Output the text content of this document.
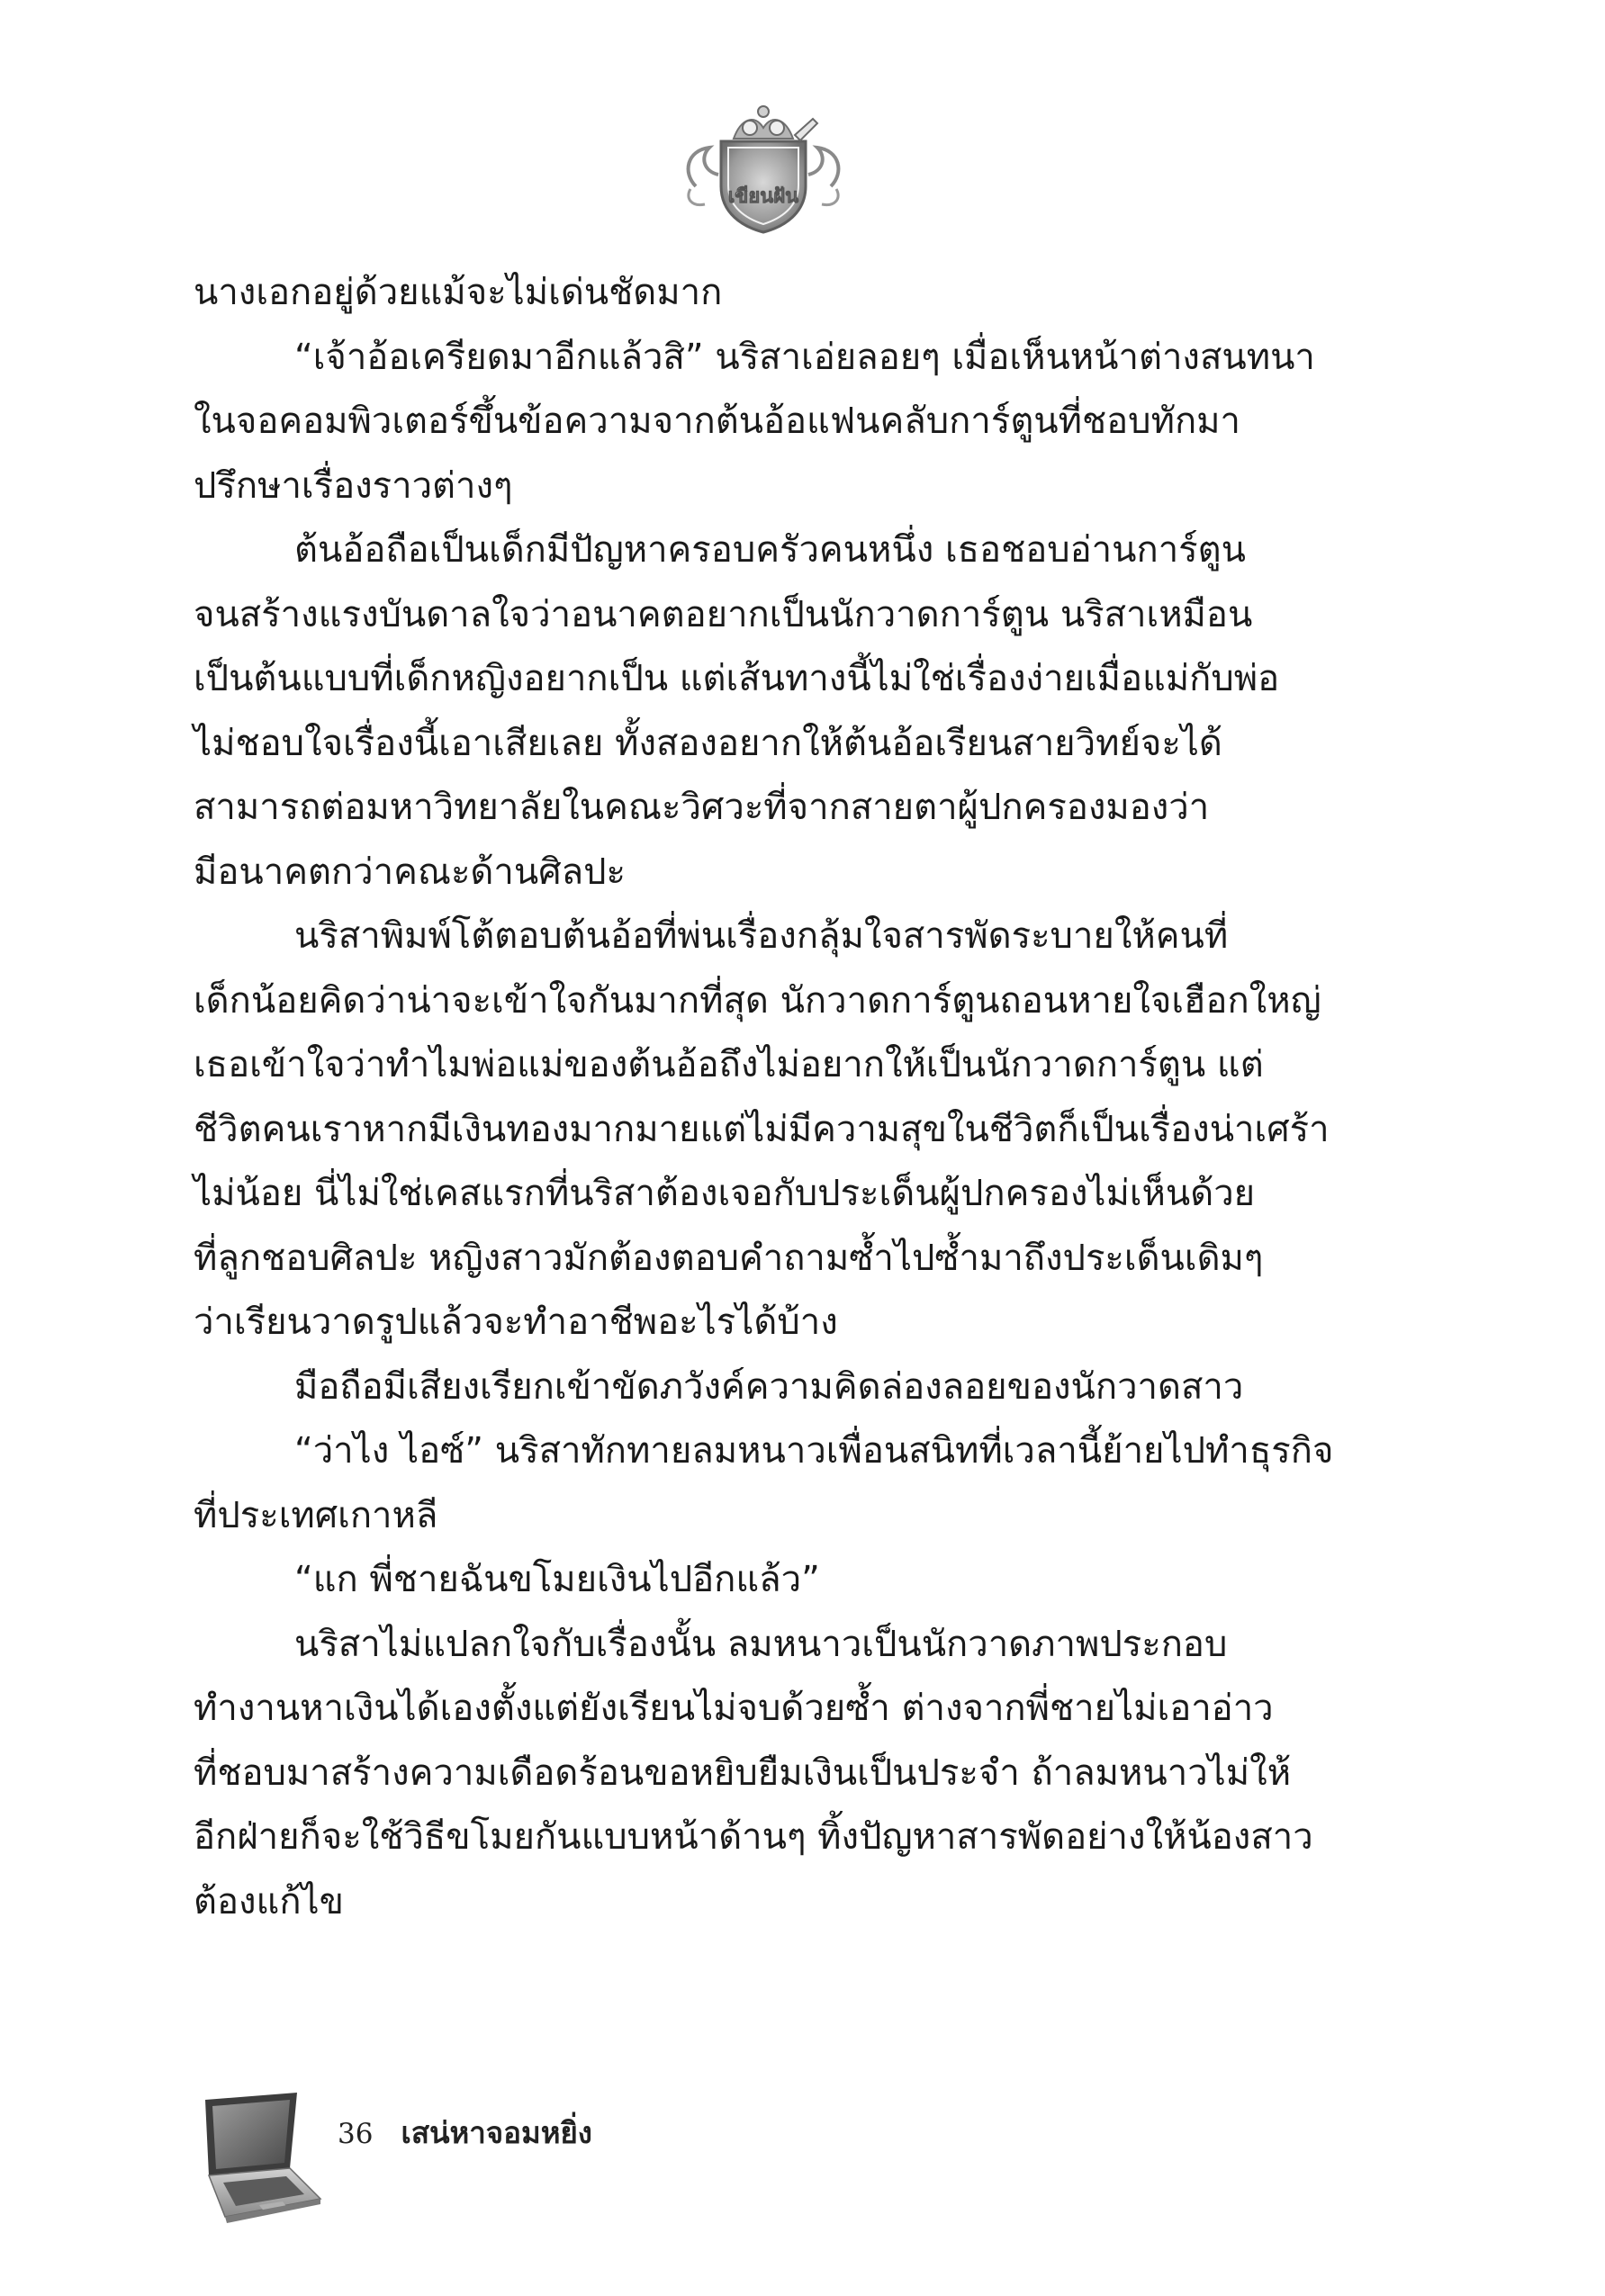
เขียนฝัน
นางเอกอยู่ด้วยแม้จะไม่เด่นชัดมาก
“เจ้าอ้อเครียดมาอีกแล้วสิ” นริสาเอ่ยลอยๆ เมื่อเห็นหน้าต่างสนทนา
ในจอคอมพิวเตอร์ขึ้นข้อความจากต้นอ้อแฟนคลับการ์ตูนที่ชอบทักมา
ปรึกษาเรื่องราวต่างๆ
ต้นอ้อถือเป็นเด็กมีปัญหาครอบครัวคนหนึ่ง เธอชอบอ่านการ์ตูน
จนสร้างแรงบันดาลใจว่าอนาคตอยากเป็นนักวาดการ์ตูน นริสาเหมือน
เป็นต้นแบบที่เด็กหญิงอยากเป็น แต่เส้นทางนี้ไม่ใช่เรื่องง่ายเมื่อแม่กับพ่อ
ไม่ชอบใจเรื่องนี้เอาเสียเลย ทั้งสองอยากให้ต้นอ้อเรียนสายวิทย์จะได้
สามารถต่อมหาวิทยาลัยในคณะวิศวะที่จากสายตาผู้ปกครองมองว่า
มีอนาคตกว่าคณะด้านศิลปะ
นริสาพิมพ์โต้ตอบต้นอ้อที่พ่นเรื่องกลุ้มใจสารพัดระบายให้คนที่
เด็กน้อยคิดว่าน่าจะเข้าใจกันมากที่สุด นักวาดการ์ตูนถอนหายใจเฮือกใหญ่
เธอเข้าใจว่าทำไมพ่อแม่ของต้นอ้อถึงไม่อยากให้เป็นนักวาดการ์ตูน แต่
ชีวิตคนเราหากมีเงินทองมากมายแต่ไม่มีความสุขในชีวิตก็เป็นเรื่องน่าเศร้า
ไม่น้อย นี่ไม่ใช่เคสแรกที่นริสาต้องเจอกับประเด็นผู้ปกครองไม่เห็นด้วย
ที่ลูกชอบศิลปะ หญิงสาวมักต้องตอบคำถามซ้ำไปซ้ำมาถึงประเด็นเดิมๆ
ว่าเรียนวาดรูปแล้วจะทำอาชีพอะไรได้บ้าง
มือถือมีเสียงเรียกเข้าขัดภวังค์ความคิดล่องลอยของนักวาดสาว
“ว่าไง ไอซ์” นริสาทักทายลมหนาวเพื่อนสนิทที่เวลานี้ย้ายไปทำธุรกิจ
ที่ประเทศเกาหลี
“แก พี่ชายฉันขโมยเงินไปอีกแล้ว”
นริสาไม่แปลกใจกับเรื่องนั้น ลมหนาวเป็นนักวาดภาพประกอบ
ทำงานหาเงินได้เองตั้งแต่ยังเรียนไม่จบด้วยซ้ำ ต่างจากพี่ชายไม่เอาอ่าว
ที่ชอบมาสร้างความเดือดร้อนขอหยิบยืมเงินเป็นประจำ ถ้าลมหนาวไม่ให้
อีกฝ่ายก็จะใช้วิธีขโมยกันแบบหน้าด้านๆ ทิ้งปัญหาสารพัดอย่างให้น้องสาว
ต้องแก้ไข
36 เสน่หาจอมหยิ่ง
